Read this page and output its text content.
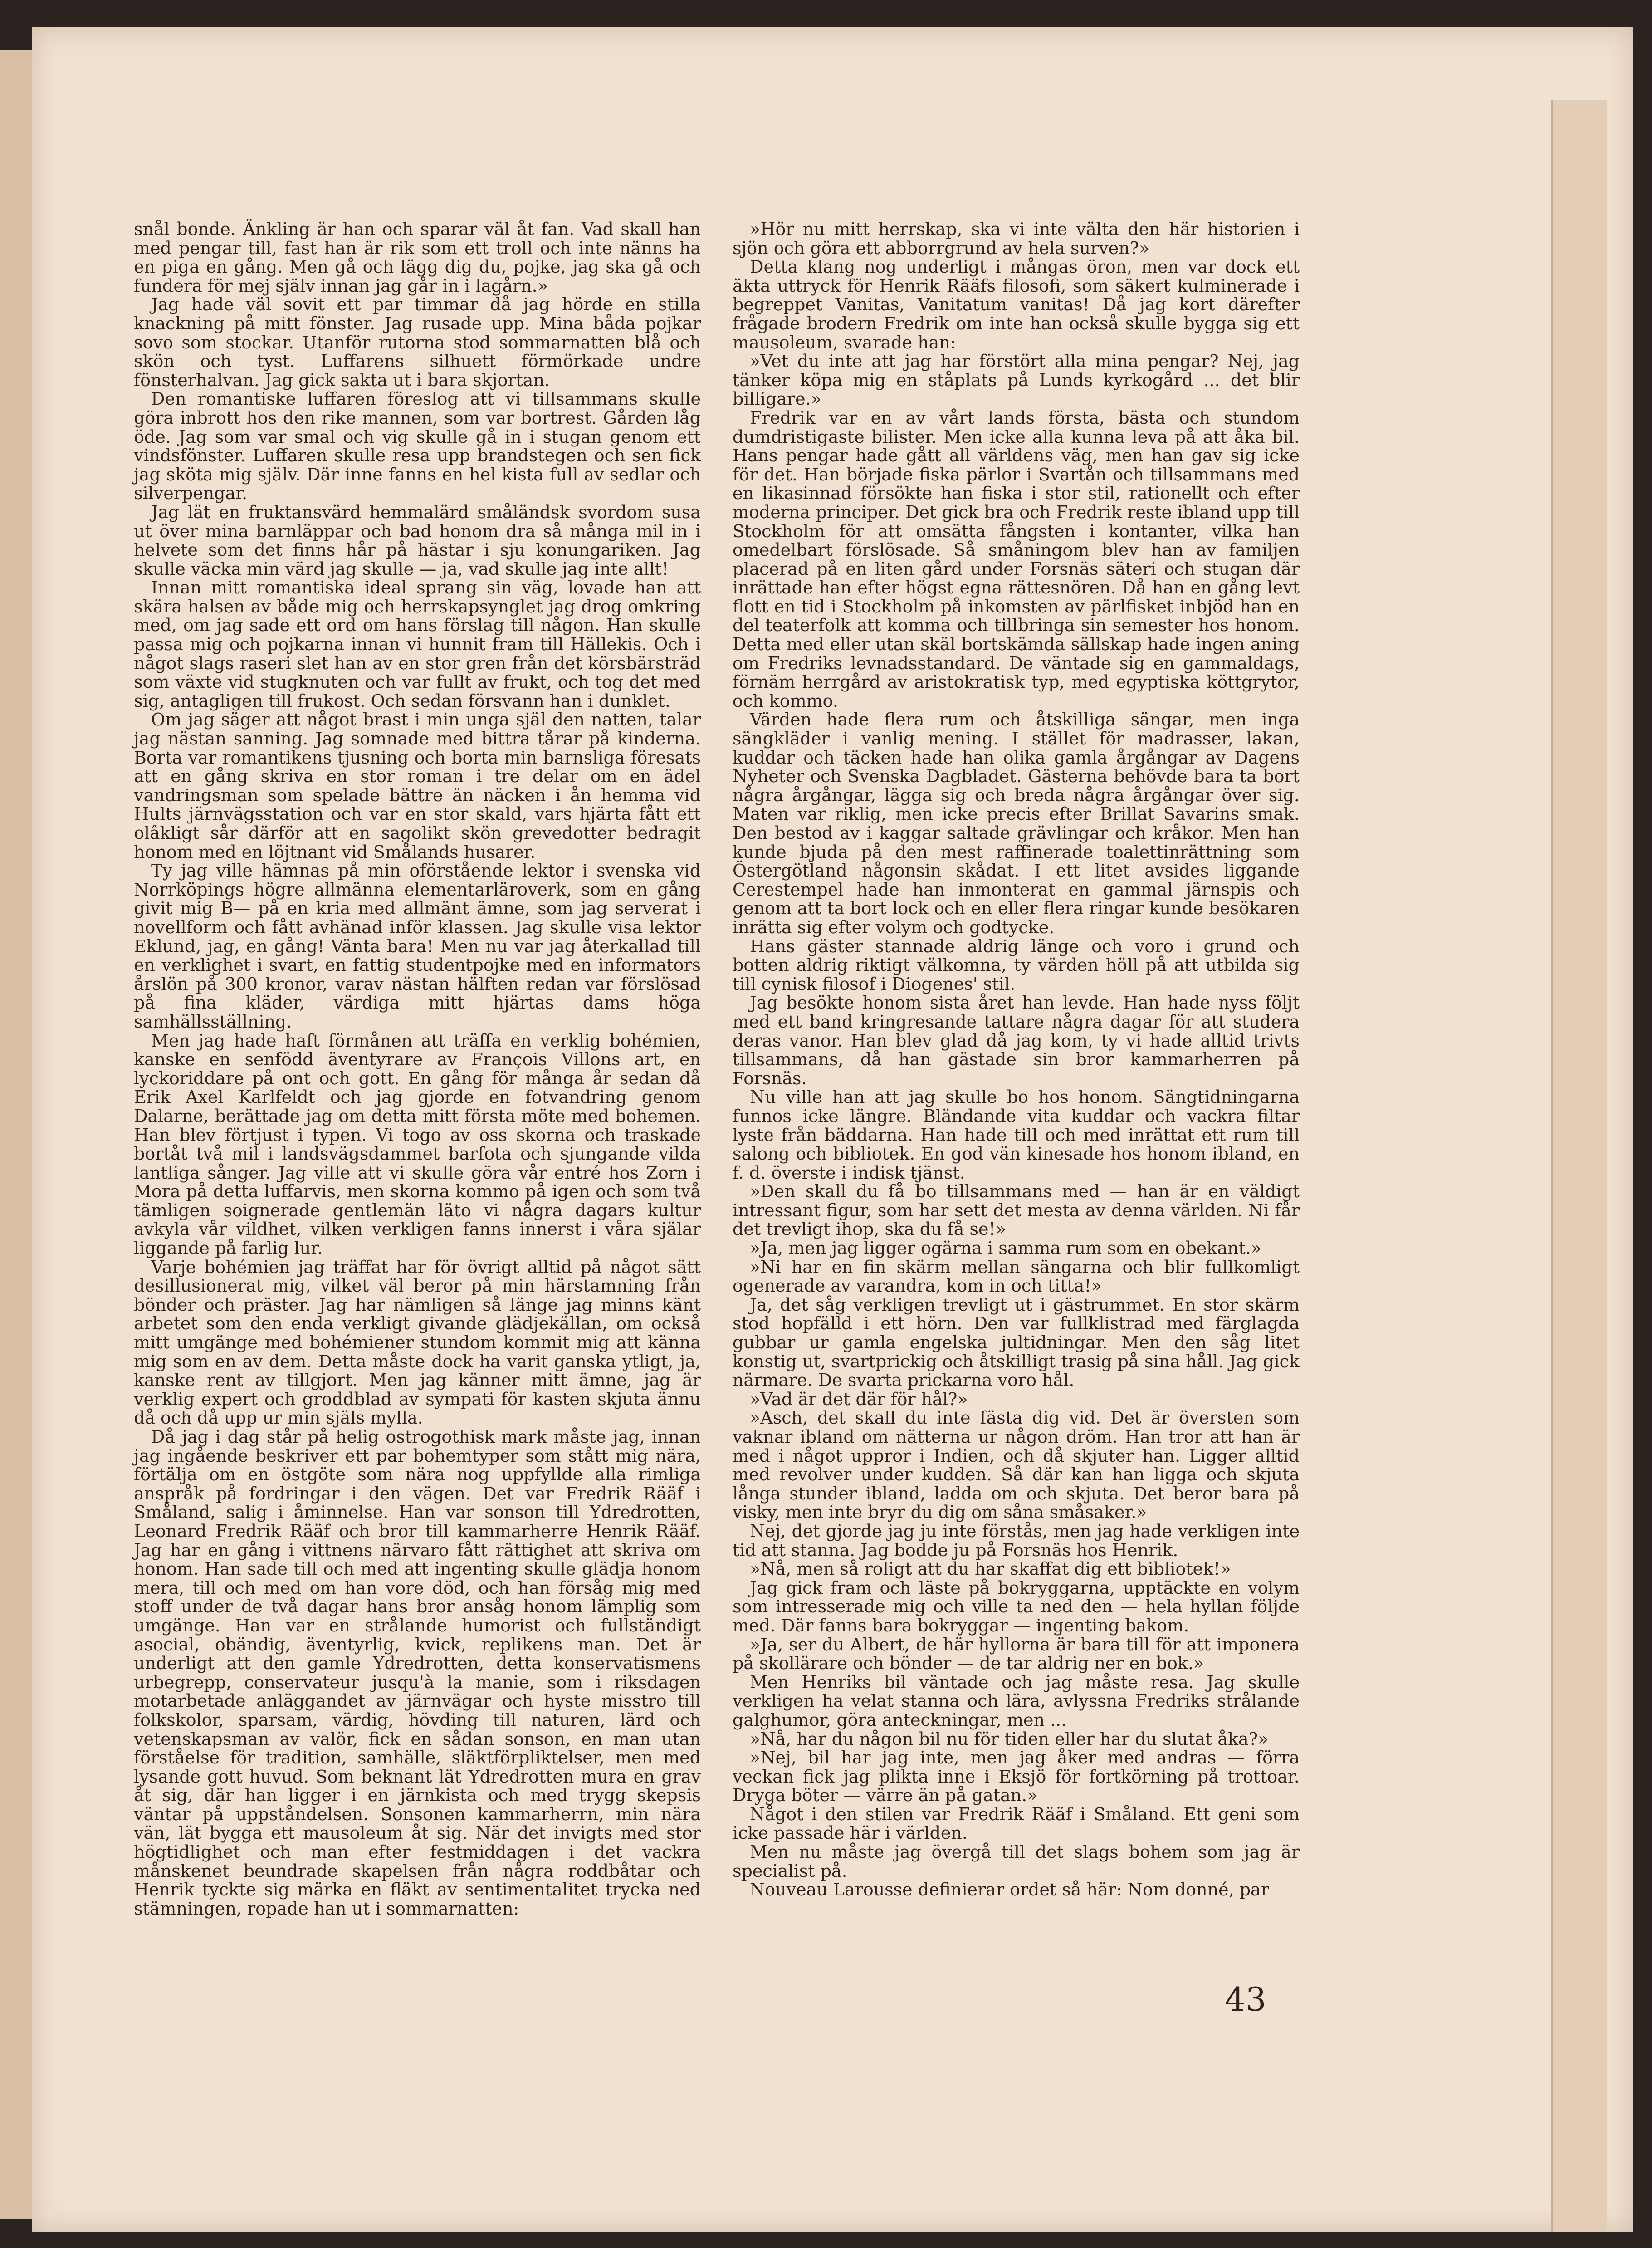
snål bonde. Änkling är han och sparar väl åt fan. Vad skall han med pengar till, fast han är rik som ett troll och inte nänns ha en piga en gång. Men gå och lägg dig du, pojke, jag ska gå och fundera för mej själv innan jag går in i lagårn.»

Jag hade väl sovit ett par timmar då jag hörde en stilla knackning på mitt fönster. Jag rusade upp. Mina båda pojkar sovo som stockar. Utanför rutorna stod sommarnatten blå och skön och tyst. Luffarens silhuett förmörkade undre fönsterhalvan. Jag gick sakta ut i bara skjortan.

Den romantiske luffaren föreslog att vi tillsammans skulle göra inbrott hos den rike mannen, som var bortrest. Gården låg öde. Jag som var smal och vig skulle gå in i stugan genom ett vindsfönster. Luffaren skulle resa upp brandstegen och sen fick jag sköta mig själv. Där inne fanns en hel kista full av sedlar och silverpengar.

Jag lät en fruktansvärd hemmalärd småländsk svordom susa ut över mina barnläppar och bad honom dra så många mil in i helvete som det finns hår på hästar i sju konungariken. Jag skulle väcka min värd jag skulle — ja, vad skulle jag inte allt!

Innan mitt romantiska ideal sprang sin väg, lovade han att skära halsen av både mig och herrskapsynglet jag drog omkring med, om jag sade ett ord om hans förslag till någon. Han skulle passa mig och pojkarna innan vi hunnit fram till Hällekis. Och i något slags raseri slet han av en stor gren från det körsbärsträd som växte vid stugknuten och var fullt av frukt, och tog det med sig, antagligen till frukost. Och sedan försvann han i dunklet.

Om jag säger att något brast i min unga själ den natten, talar jag nästan sanning. Jag somnade med bittra tårar på kinderna. Borta var romantikens tjusning och borta min barnsliga föresats att en gång skriva en stor roman i tre delar om en ädel vandringsman som spelade bättre än näcken i ån hemma vid Hults järnvägsstation och var en stor skald, vars hjärta fått ett olâkligt sår därför att en sagolikt skön grevedotter bedragit honom med en löjtnant vid Smålands husarer.

Ty jag ville hämnas på min oförstående lektor i svenska vid Norrköpings högre allmänna elementarläroverk, som en gång givit mig B— på en kria med allmänt ämne, som jag serverat i novellform och fått avhänad inför klassen. Jag skulle visa lektor Eklund, jag, en gång! Vänta bara! Men nu var jag återkallad till en verklighet i svart, en fattig studentpojke med en informators årslön på 300 kronor, varav nästan hälften redan var förslösad på fina kläder, värdiga mitt hjärtas dams höga samhällsställning.

Men jag hade haft förmånen att träffa en verklig bohémien, kanske en senfödd äventyrare av François Villons art, en lyckoriddare på ont och gott. En gång för många år sedan då Erik Axel Karlfeldt och jag gjorde en fotvandring genom Dalarne, berättade jag om detta mitt första möte med bohemen. Han blev förtjust i typen. Vi togo av oss skorna och traskade bortåt två mil i landsvägsdammet barfota och sjungande vilda lantliga sånger. Jag ville att vi skulle göra vår entré hos Zorn i Mora på detta luffarvis, men skorna kommo på igen och som två tämligen soignerade gentlemän läto vi några dagars kultur avkyla vår vildhet, vilken verkligen fanns innerst i våra själar liggande på farlig lur.

Varje bohémien jag träffat har för övrigt alltid på något sätt desillusionerat mig, vilket väl beror på min härstamning från bönder och präster. Jag har nämligen så länge jag minns känt arbetet som den enda verkligt givande glädjekällan, om också mitt umgänge med bohémiener stundom kommit mig att känna mig som en av dem. Detta måste dock ha varit ganska ytligt, ja, kanske rent av tillgjort. Men jag känner mitt ämne, jag är verklig expert och groddblad av sympati för kasten skjuta ännu då och då upp ur min själs mylla.

Då jag i dag står på helig ostrogothisk mark måste jag, innan jag ingående beskriver ett par bohemtyper som stått mig nära, förtälja om en östgöte som nära nog uppfyllde alla rimliga anspråk på fordringar i den vägen. Det var Fredrik Rääf i Småland, salig i åminnelse. Han var sonson till Ydredrotten, Leonard Fredrik Rääf och bror till kammarherre Henrik Rääf. Jag har en gång i vittnens närvaro fått rättighet att skriva om honom. Han sade till och med att ingenting skulle glädja honom mera, till och med om han vore död, och han försåg mig med stoff under de två dagar hans bror ansåg honom lämplig som umgänge. Han var en strålande humorist och fullständigt asocial, obändig, äventyrlig, kvick, replikens man. Det är underligt att den gamle Ydredrotten, detta konservatismens urbegrepp, conservateur jusqu'à la manie, som i riksdagen motarbetade anläggandet av järnvägar och hyste misstro till folkskolor, sparsam, värdig, hövding till naturen, lärd och vetenskapsman av valör, fick en sådan sonson, en man utan förståelse för tradition, samhälle, släktförpliktelser, men med lysande gott huvud. Som beknant lät Ydredrotten mura en grav åt sig, där han ligger i en järnkista och med trygg skepsis väntar på uppståndelsen. Sonsonen kammarherrn, min nära vän, lät bygga ett mausoleum åt sig. När det invigts med stor högtidlighet och man efter festmiddagen i det vackra månskenet beundrade skapelsen från några roddbåtar och Henrik tyckte sig märka en fläkt av sentimentalitet trycka ned stämningen, ropade han ut i sommarnatten:

»Hör nu mitt herrskap, ska vi inte välta den här historien i sjön och göra ett abborrgrund av hela surven?»

Detta klang nog underligt i mångas öron, men var dock ett äkta uttryck för Henrik Rääfs filosofi, som säkert kulminerade i begreppet Vanitas, Vanitatum vanitas! Då jag kort därefter frågade brodern Fredrik om inte han också skulle bygga sig ett mausoleum, svarade han:

»Vet du inte att jag har förstört alla mina pengar? Nej, jag tänker köpa mig en ståplats på Lunds kyrkogård ... det blir billigare.»

Fredrik var en av vårt lands första, bästa och stundom dumdristigaste bilister. Men icke alla kunna leva på att åka bil. Hans pengar hade gått all världens väg, men han gav sig icke för det. Han började fiska pärlor i Svartån och tillsammans med en likasinnad försökte han fiska i stor stil, rationellt och efter moderna principer. Det gick bra och Fredrik reste ibland upp till Stockholm för att omsätta fångsten i kontanter, vilka han omedelbart förslösade. Så småningom blev han av familjen placerad på en liten gård under Forsnäs säteri och stugan där inrättade han efter högst egna rättesnören. Då han en gång levt flott en tid i Stockholm på inkomsten av pärlfisket inbjöd han en del teaterfolk att komma och tillbringa sin semester hos honom. Detta med eller utan skäl bortskämda sällskap hade ingen aning om Fredriks levnadsstandard. De väntade sig en gammaldags, förnäm herrgård av aristokratisk typ, med egyptiska köttgrytor, och kommo.

Värden hade flera rum och åtskilliga sängar, men inga sängkläder i vanlig mening. I stället för madrasser, lakan, kuddar och täcken hade han olika gamla årgångar av Dagens Nyheter och Svenska Dagbladet. Gästerna behövde bara ta bort några årgångar, lägga sig och breda några årgångar över sig. Maten var riklig, men icke precis efter Brillat Savarins smak. Den bestod av i kaggar saltade grävlingar och kråkor. Men han kunde bjuda på den mest raffinerade toalettinrättning som Östergötland någonsin skådat. I ett litet avsides liggande Cerestempel hade han inmonterat en gammal järnspis och genom att ta bort lock och en eller flera ringar kunde besökaren inrätta sig efter volym och godtycke.

Hans gäster stannade aldrig länge och voro i grund och botten aldrig riktigt välkomna, ty värden höll på att utbilda sig till cynisk filosof i Diogenes' stil.

Jag besökte honom sista året han levde. Han hade nyss följt med ett band kringresande tattare några dagar för att studera deras vanor. Han blev glad då jag kom, ty vi hade alltid trivts tillsammans, då han gästade sin bror kammarherren på Forsnäs.

Nu ville han att jag skulle bo hos honom. Sängtidningarna funnos icke längre. Bländande vita kuddar och vackra filtar lyste från bäddarna. Han hade till och med inrättat ett rum till salong och bibliotek. En god vän kinesade hos honom ibland, en f. d. överste i indisk tjänst.

»Den skall du få bo tillsammans med — han är en väldigt intressant figur, som har sett det mesta av denna världen. Ni får det trevligt ihop, ska du få se!»

»Ja, men jag ligger ogärna i samma rum som en obekant.»

»Ni har en fin skärm mellan sängarna och blir fullkomligt ogenerade av varandra, kom in och titta!»

Ja, det såg verkligen trevligt ut i gästrummet. En stor skärm stod hopfälld i ett hörn. Den var fullklistrad med färglagda gubbar ur gamla engelska jultidningar. Men den såg litet konstig ut, svartprickig och åtskilligt trasig på sina håll. Jag gick närmare. De svarta prickarna voro hål.

»Vad är det där för hål?»

»Asch, det skall du inte fästa dig vid. Det är översten som vaknar ibland om nätterna ur någon dröm. Han tror att han är med i något uppror i Indien, och då skjuter han. Ligger alltid med revolver under kudden. Så där kan han ligga och skjuta långa stunder ibland, ladda om och skjuta. Det beror bara på visky, men inte bryr du dig om såna småsaker.»

Nej, det gjorde jag ju inte förstås, men jag hade verkligen inte tid att stanna. Jag bodde ju på Forsnäs hos Henrik.

»Nå, men så roligt att du har skaffat dig ett bibliotek!»

Jag gick fram och läste på bokryggarna, upptäckte en volym som intresserade mig och ville ta ned den — hela hyllan följde med. Där fanns bara bokryggar — ingenting bakom.

»Ja, ser du Albert, de här hyllorna är bara till för att imponera på skollärare och bönder — de tar aldrig ner en bok.»

Men Henriks bil väntade och jag måste resa. Jag skulle verkligen ha velat stanna och lära, avlyssna Fredriks strålande galghumor, göra anteckningar, men ...

»Nå, har du någon bil nu för tiden eller har du slutat åka?»

»Nej, bil har jag inte, men jag åker med andras — förra veckan fick jag plikta inne i Eksjö för fortkörning på trottoar. Dryga böter — värre än på gatan.»

Något i den stilen var Fredrik Rääf i Småland. Ett geni som icke passade här i världen.

Men nu måste jag övergå till det slags bohem som jag är specialist på.

Nouveau Larousse definierar ordet så här: Nom donné, par

43
